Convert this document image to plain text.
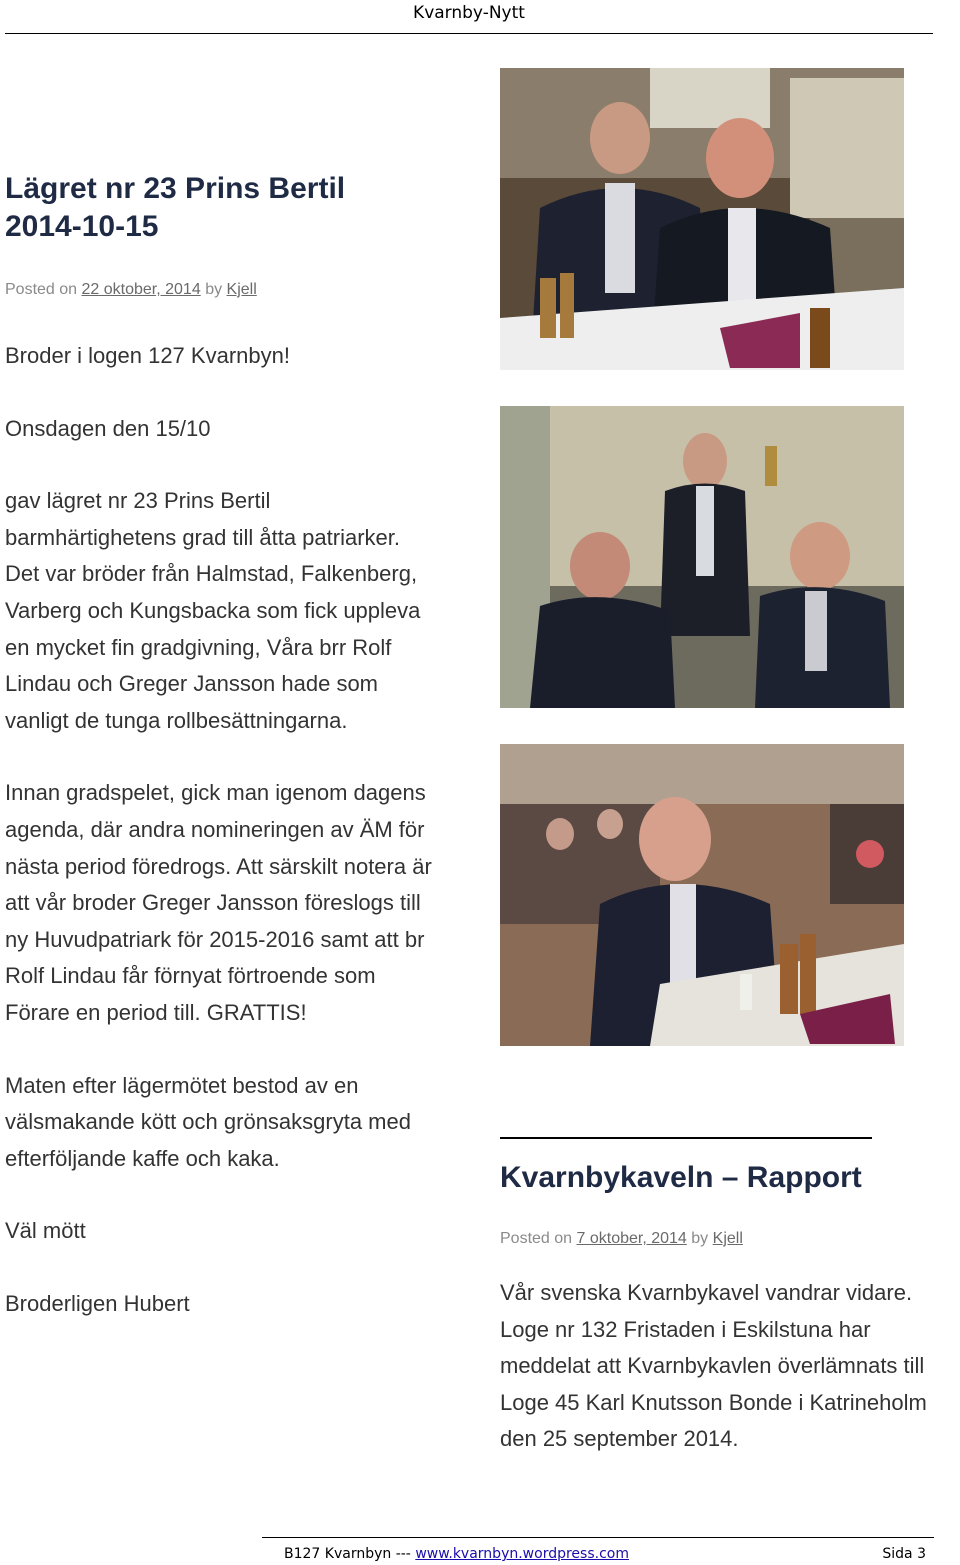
Kvarnby-Nytt
Lägret nr 23 Prins Bertil 2014-10-15
Posted on 22 oktober, 2014 by Kjell

Broder i logen 127 Kvarnbyn!

Onsdagen den 15/10

gav lägret nr 23 Prins Bertil barmhärtighetens grad till åtta patriarker. Det var bröder från Halmstad, Falkenberg, Varberg och Kungsbacka som fick uppleva en mycket fin gradgivning, Våra brr Rolf Lindau och Greger Jansson hade som vanligt de tunga rollbesättningarna.

Innan gradspelet, gick man igenom dagens agenda, där andra nomineringen av ÄM för nästa period föredrogs. Att särskilt notera är att vår broder Greger Jansson föreslogs till ny Huvudpatriark för 2015-2016 samt att br Rolf Lindau får förnyat förtroende som Förare en period till. GRATTIS!

Maten efter lägermötet bestod av en välsmakande kött och grönsaksgryta med efterföljande kaffe och kaka.

Väl mött

Broderligen Hubert

Kvarnbykaveln – Rapport
Posted on 7 oktober, 2014 by Kjell

Vår svenska Kvarnbykavel vandrar vidare. Loge nr 132 Fristaden i Eskilstuna har meddelat att Kvarnbykavlen överlämnats till Loge 45 Karl Knutsson Bonde i Katrineholm den 25 september 2014.

B127 Kvarnbyn --- www.kvarnbyn.wordpress.com	Sida 3
